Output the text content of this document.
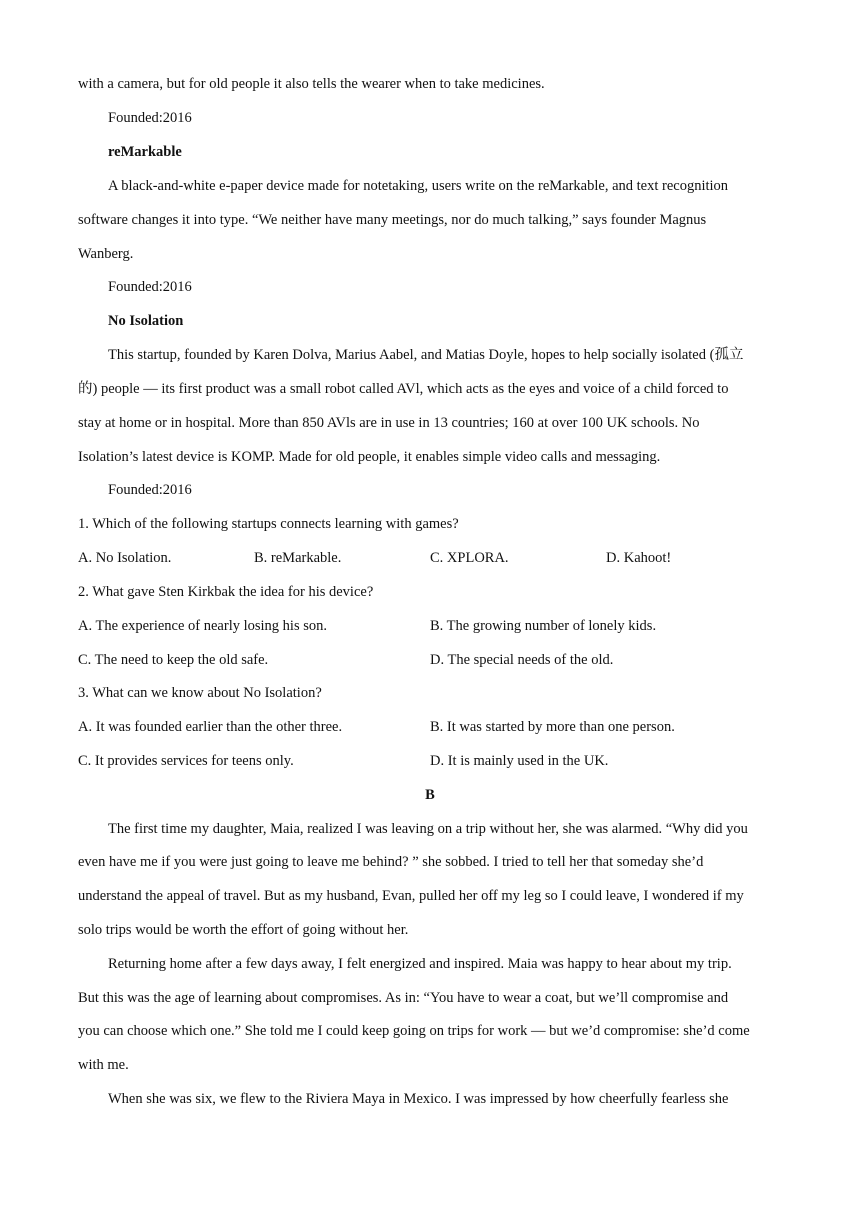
with a camera, but for old people it also tells the wearer when to take medicines.
Founded:2016
reMarkable
A black-and-white e-paper device made for notetaking, users write on the reMarkable, and text recognition
software changes it into type. “We neither have many meetings, nor do much talking,” says founder Magnus
Wanberg.
Founded:2016
No Isolation
This startup, founded by Karen Dolva, Marius Aabel, and Matias Doyle, hopes to help socially isolated (孤立
的) people — its first product was a small robot called AVl, which acts as the eyes and voice of a child forced to
stay at home or in hospital. More than 850 AVls are in use in 13 countries; 160 at over 100 UK schools. No
Isolation’s latest device is KOMP. Made for old people, it enables simple video calls and messaging.
Founded:2016
1. Which of the following startups connects learning with games?
A. No Isolation.	B. reMarkable.	C. XPLORA.	D. Kahoot!
2. What gave Sten Kirkbak the idea for his device?
A. The experience of nearly losing his son.	B. The growing number of lonely kids.
C. The need to keep the old safe.	D. The special needs of the old.
3. What can we know about No Isolation?
A. It was founded earlier than the other three.	B. It was started by more than one person.
C. It provides services for teens only.	D. It is mainly used in the UK.
B
The first time my daughter, Maia, realized I was leaving on a trip without her, she was alarmed. “Why did you
even have me if you were just going to leave me behind? ” she sobbed. I tried to tell her that someday she’d
understand the appeal of travel. But as my husband, Evan, pulled her off my leg so I could leave, I wondered if my
solo trips would be worth the effort of going without her.
Returning home after a few days away, I felt energized and inspired. Maia was happy to hear about my trip.
But this was the age of learning about compromises. As in: “You have to wear a coat, but we’ll compromise and
you can choose which one.” She told me I could keep going on trips for work — but we’d compromise: she’d come
with me.
When she was six, we flew to the Riviera Maya in Mexico. I was impressed by how cheerfully fearless she
